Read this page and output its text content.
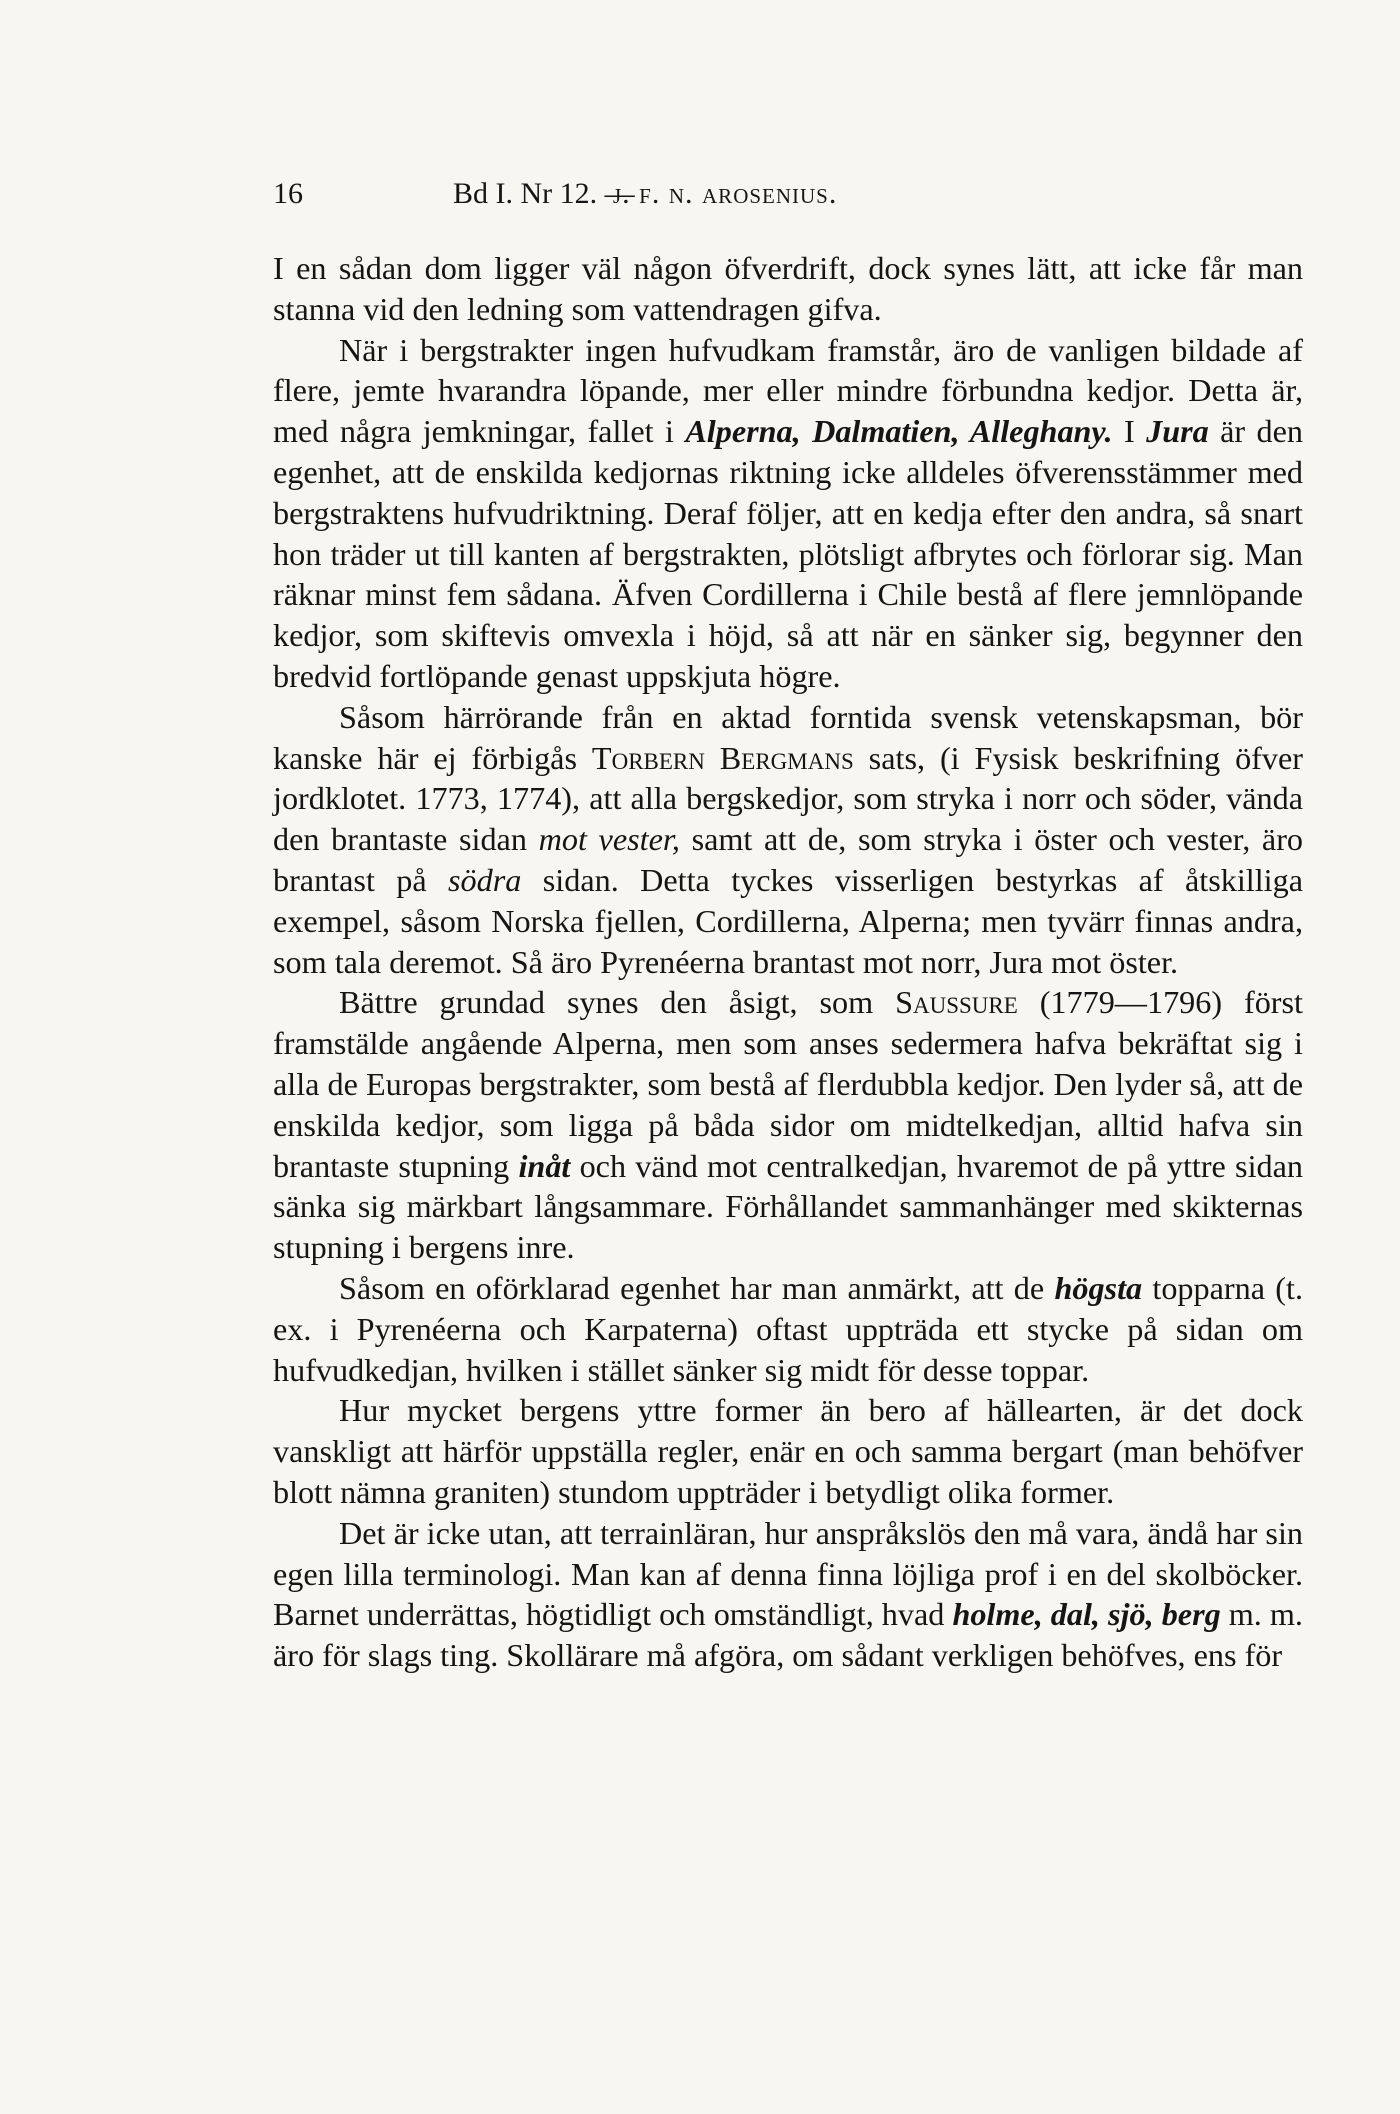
16	Bd I. Nr 12. —
j. f. n. arosenius.

I en sådan dom ligger väl någon öfverdrift, dock synes lätt, att icke får man stanna vid den ledning som vattendragen gifva.

När i bergstrakter ingen hufvudkam framstår, äro de vanligen bildade af flere, jemte hvarandra löpande, mer eller mindre förbundna kedjor. Detta är, med några jemkningar, fallet i Alperna, Dalmatien, Alleghany. I Jura är den egenhet, att de enskilda kedjornas riktning icke alldeles öfverensstämmer med bergstraktens hufvudriktning. Deraf följer, att en kedja efter den andra, så snart hon träder ut till kanten af bergstrakten, plötsligt afbrytes och förlorar sig. Man räknar minst fem sådana. Äfven Cordillerna i Chile bestå af flere jemnlöpande kedjor, som skiftevis omvexla i höjd, så att när en sänker sig, begynner den bredvid fortlöpande genast uppskjuta högre.

Såsom härrörande från en aktad forntida svensk vetenskapsman, bör kanske här ej förbigås Torbern Bergmans sats, (i Fysisk beskrifning öfver jordklotet. 1773, 1774), att alla bergskedjor, som stryka i norr och söder, vända den brantaste sidan mot vester, samt att de, som stryka i öster och vester, äro brantast på södra sidan. Detta tyckes visserligen bestyrkas af åtskilliga exempel, såsom Norska fjellen, Cordillerna, Alperna; men tyvärr finnas andra, som tala deremot. Så äro Pyrenéerna brantast mot norr, Jura mot öster.

Bättre grundad synes den åsigt, som Saussure (1779—1796) först framstälde angående Alperna, men som anses sedermera hafva bekräftat sig i alla de Europas bergstrakter, som bestå af flerdubbla kedjor. Den lyder så, att de enskilda kedjor, som ligga på båda sidor om midtelkedjan, alltid hafva sin brantaste stupning inåt och vänd mot centralkedjan, hvaremot de på yttre sidan sänka sig märkbart långsammare. Förhållandet sammanhänger med skikternas stupning i bergens inre.

Såsom en oförklarad egenhet har man anmärkt, att de högsta topparna (t. ex. i Pyrenéerna och Karpaterna) oftast uppträda ett stycke på sidan om hufvudkedjan, hvilken i stället sänker sig midt för desse toppar.

Hur mycket bergens yttre former än bero af hällearten, är det dock vanskligt att härför uppställa regler, enär en och samma bergart (man behöfver blott nämna graniten) stundom uppträder i betydligt olika former.

Det är icke utan, att terrainläran, hur anspråkslös den må vara, ändå har sin egen lilla terminologi. Man kan af denna finna löjliga prof i en del skolböcker. Barnet underrättas, högtidligt och omständligt, hvad holme, dal, sjö, berg m. m. äro för slags ting. Skollärare må afgöra, om sådant verkligen behöfves, ens för
